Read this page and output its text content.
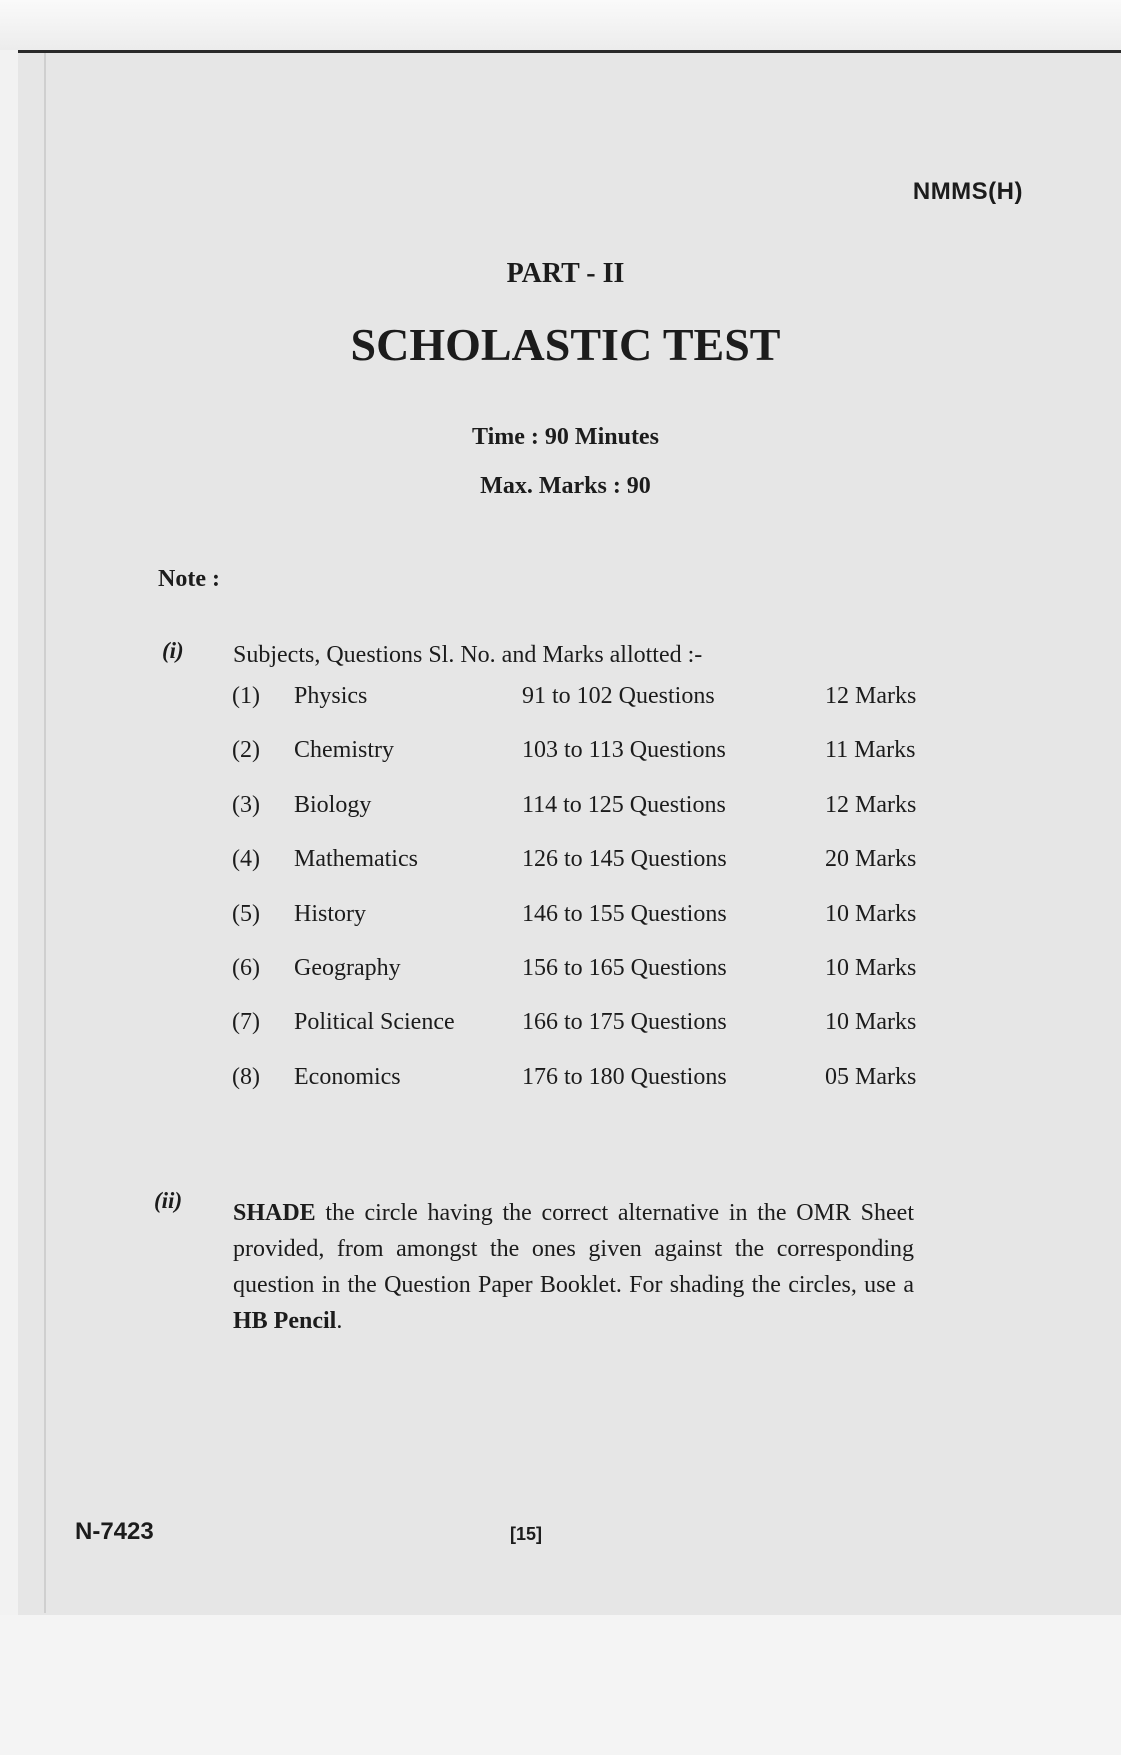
NMMS(H)
PART - II
SCHOLASTIC TEST
Time : 90 Minutes
Max. Marks : 90
Note :
(i) Subjects, Questions Sl. No. and Marks allotted :-
(1)	Physics	91 to 102 Questions	12 Marks
(2)	Chemistry	103 to 113 Questions	11 Marks
(3)	Biology	114 to 125 Questions	12 Marks
(4)	Mathematics	126 to 145 Questions	20 Marks
(5)	History	146 to 155 Questions	10 Marks
(6)	Geography	156 to 165 Questions	10 Marks
(7)	Political Science	166 to 175 Questions	10 Marks
(8)	Economics	176 to 180 Questions	05 Marks
(ii) SHADE the circle having the correct alternative in the OMR Sheet provided, from amongst the ones given against the corresponding question in the Question Paper Booklet. For shading the circles, use a HB Pencil.
N-7423	[15]
